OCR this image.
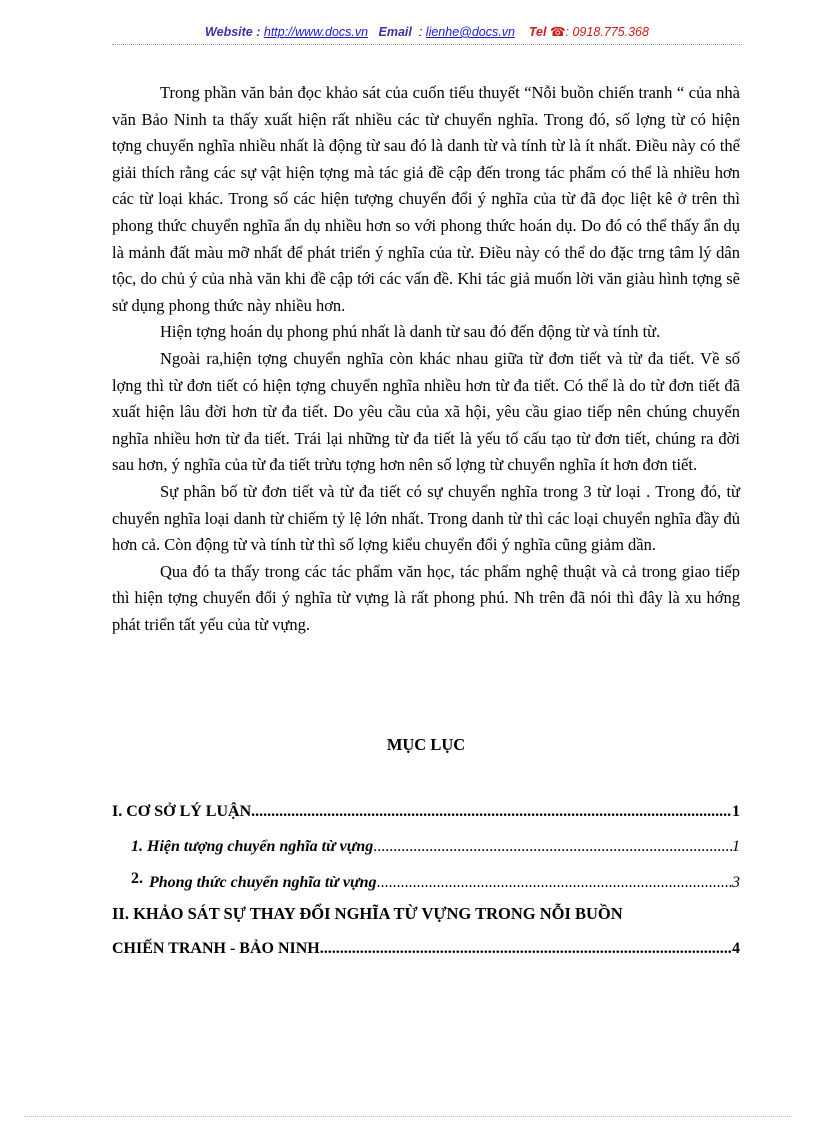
Website : http://www.docs.vn Email : lienhe@docs.vn Tel ☎: 0918.775.368

Trong phần văn bản đọc khảo sát của cuốn tiểu thuyết “Nỗi buồn chiến tranh “ của nhà văn Bảo Ninh ta thấy xuất hiện rất nhiều các từ chuyển nghĩa. Trong đó, số lợng từ có hiện tợng chuyển nghĩa nhiều nhất là động từ sau đó là danh từ và tính từ là ít nhất. Điều này có thể giải thích rằng các sự vật hiện tợng mà tác giả đề cập đến trong tác phẩm có thể là nhiều hơn các từ loại khác. Trong số các hiện tượng chuyển đổi ý nghĩa của từ đã đọc liệt kê ở trên thì phong thức chuyển nghĩa ẩn dụ nhiều hơn so với phong thức hoán dụ. Do đó có thể thấy ẩn dụ là mảnh đất màu mỡ nhất để phát triển ý nghĩa của từ. Điều này có thể do đặc trng tâm lý dân tộc, do chủ ý của nhà văn khi đề cập tới các vấn đề. Khi tác giả muốn lời văn giàu hình tợng sẽ sử dụng phong thức này nhiều hơn.

Hiện tợng hoán dụ phong phú nhất là danh từ sau đó đến động từ và tính từ.

Ngoài ra,hiện tợng chuyển nghĩa còn khác nhau giữa từ đơn tiết và từ đa tiết. Về số lợng thì từ đơn tiết có hiện tợng chuyển nghĩa nhiều hơn từ đa tiết. Có thể là do từ đơn tiết đã xuất hiện lâu đời hơn từ đa tiết. Do yêu cầu của xã hội, yêu cầu giao tiếp nên chúng chuyển nghĩa nhiều hơn từ đa tiết. Trái lại những từ đa tiết là yếu tố cấu tạo từ đơn tiết, chúng ra đời sau hơn, ý nghĩa của từ đa tiết trừu tợng hơn nên số lợng từ chuyển nghĩa ít hơn đơn tiết.

Sự phân bố từ đơn tiết và từ đa tiết có sự chuyển nghĩa trong 3 từ loại . Trong đó, từ chuyển nghĩa loại danh từ chiếm tỷ lệ lớn nhất. Trong danh từ thì các loại chuyển nghĩa đầy đủ hơn cả. Còn động từ và tính từ thì số lợng kiểu chuyển đổi ý nghĩa cũng giảm dần.

Qua đó ta thấy trong các tác phẩm văn học, tác phẩm nghệ thuật và cả trong giao tiếp thì hiện tợng chuyển đổi ý nghĩa từ vựng là rất phong phú. Nh trên đã nói thì đây là xu hớng phát triển tất yếu của từ vựng.

MỤC LỤC
I. CƠ SỞ LÝ LUẬN .....	1
1. Hiện tượng chuyển nghĩa từ vựng .....	1
2. Phong thức chuyển nghĩa từ vựng .....	3
II. KHẢO SÁT SỰ THAY ĐỔI NGHĨA TỪ VỰNG TRONG NỖI BUỒN
CHIẾN TRANH - BẢO NINH .....	4
